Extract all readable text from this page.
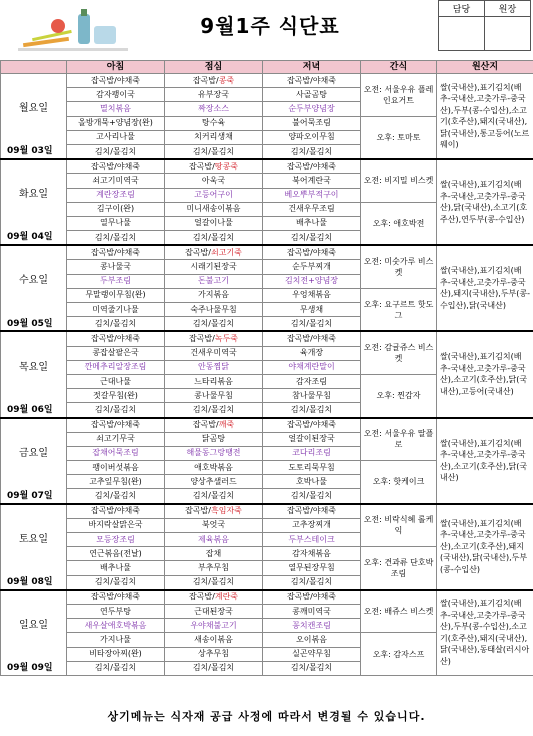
9월1주 식단표
담당	원장

	아침	점심	저녁	간식	원산지
월요일	잡곡밥/야채죽	잡곡밥/콩죽	잡곡밥/야채죽	오전: 서울우유 플레인요거트	쌀(국내산),표기김치(배추-국내산,고춧가루-중국산),두부(콩-수입산),소고기(호주산),돼지(국내산),닭(국내산),통고등어(노르웨이)
	감자팽이국	유부장국	사골곰탕		
	멸치볶음	짜장소스	순두부양념장		
	올방개묵+양념장(완)	탕수육	불어묵조림	오후: 토마토	
	고사리나물	치커리생채	양파오이무침		
09월 03일	김치/몰김치	김치/몰김치	김치/몰김치		
화요일	잡곡밥/야채죽	잡곡밥/땅콩죽	잡곡밥/야채죽	오전: 비지밀 비스켓	쌀(국내산),표기김치(배추-국내산,고춧가루-중국산),닭(국내산),소고기(호주산),연두부(콩-수입산)
	쇠고기미역국	아욱국	북어계란국		
	계란장조림	고등어구이	베오뿌부적구이		
	김구이(완)	미니새송이볶음	건새우무조림	오후: 애호박전	
	열무나물	얼갈이나물	배추나물		
09월 04일	김치/몰김치	김치/몰김치	김치/몰김치		
수요일	잡곡밥/야채죽	잡곡밥/쇠고기죽	잡곡밥/야채죽	오전: 미숫가루 비스켓	쌀(국내산),표기김치(배추-국내산,고춧가루-중국산),돼지(국내산),두부(콩-수입산),닭(국내산)
	콩나물국	시래기된장국	순두부찌개		
	두부조림	돈불고기	김치전+양념장		
	무말랭이무침(완)	가지볶음	우엉채볶음	오후: 요구르트 핫도그	
	미역줄기나물	숙주나물무침	무생채		
09월 05일	김치/몰김치	김치/몰김치	김치/몰김치		
목요일	잡곡밥/야채죽	잡곡밥/녹두죽	잡곡밥/야채죽	오전: 감귤쥬스 비스켓	쌀(국내산),표기김치(배추-국내산,고춧가루-중국산),소고기(호주산),닭(국내산),고등어(국내산)
	콩잡살팔은국	건새우미역국	육개장		
	깐메추리알장조림	안동찜닭	야채계란말이		
	근대나물	느타리볶음	감자조림	오후: 찐감자	
	젓갈무침(완)	콩나물무침	참나물무침		
09월 06일	김치/몰김치	김치/몰김치	김치/몰김치		
금요일	잡곡밥/야채죽	잡곡밥/깨죽	잡곡밥/야채죽	오전: 서울우유 딸플로	쌀(국내산),표기김치(배추-국내산,고춧가루-중국산),소고기(호주산),닭(국내산)
	쇠고기무국	닭곰탕	얼갈이된장국		
	잡채어묵조림	해물동그랑땡전	코다리조림		
	팽이버섯볶음	애호박볶음	도토리묵무침	오후: 핫케이크	
	고추잎무침(완)	양상추샐러드	호박나물		
09월 07일	김치/몰김치	김치/몰김치	김치/몰김치		
토요일	잡곡밥/야채죽	잡곡밥/흑임자죽	잡곡밥/야채죽	오전: 비락식혜 롤케익	쌀(국내산),표기김치(배추-국내산,고춧가루-중국산),소고기(호주산),돼지(국내산),닭(국내산),두부(콩-수입산)
	바지락살맑은국	북엇국	고추장찌개		
	모등장조림	제육볶음	두부스테이크		
	연근볶음(전날)	잡채	감자채볶음	오후: 견과류 단호박조림	
	배추나물	부추무침	열무된장무침		
09월 08일	김치/몰김치	김치/몰김치	김치/몰김치		
일요일	잡곡밥/야채죽	잡곡밥/계란죽	잡곡밥/야채죽	오전: 배쥬스 비스켓	쌀(국내산),표기김치(배추-국내산,고춧가루-중국산),두부(콩-수입산),소고기(호주산),돼지(국내산),닭(국내산),동태살(러시아산)
	연두부탕	근대된장국	콩깨미역국		
	새우살애호박볶음	우야채불고기	꽁치캔조림		
	가지나물	새송이볶음	오이볶음	오후: 감자스프	
	비타장아찌(완)	상추무침	실곤약무침		
09월 09일	김치/몰김치	김치/몰김치	김치/몰김치		
상기메뉴는 식자재 공급 사정에 따라서 변경될 수 있습니다.
